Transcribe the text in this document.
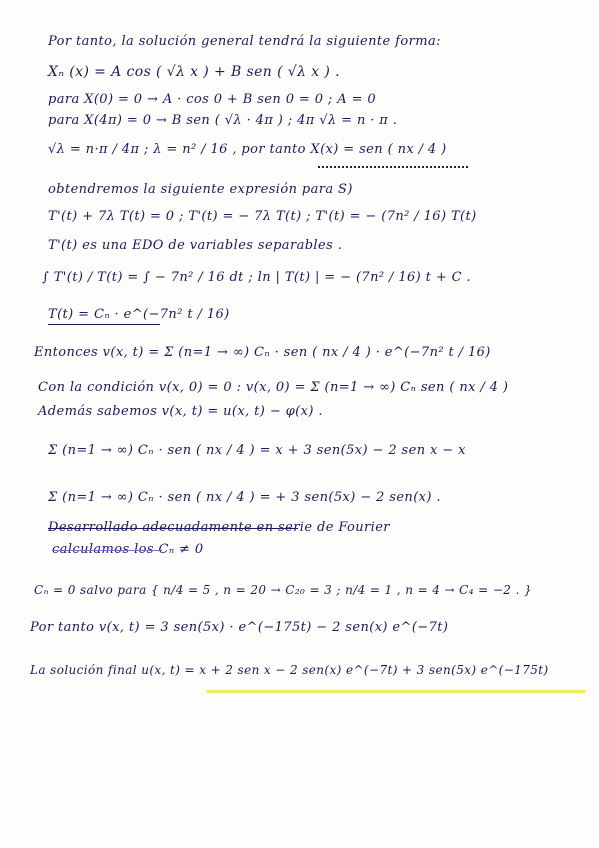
Por tanto, la solución general tendrá la siguiente forma:
Xₙ (x) = A cos ( √λ x ) + B sen ( √λ x ) .
para X(0) = 0 → A · cos 0 + B sen 0 = 0 ; A = 0
para X(4π) = 0 → B sen ( √λ · 4π ) ; 4π √λ = n · π .
√λ = n·π / 4π ; λ = n² / 16 , por tanto X(x) = sen ( nx / 4 )
obtendremos la siguiente expresión para S)
T'(t) + 7λ T(t) = 0 ; T'(t) = − 7λ T(t) ; T'(t) = − (7n² / 16) T(t)
T'(t) es una EDO de variables separables .
∫ T'(t) / T(t) = ∫ − 7n² / 16 dt ; ln | T(t) | = − (7n² / 16) t + C .
T(t) = Cₙ · e^(−7n² t / 16)
Entonces v(x, t) = Σ (n=1 → ∞) Cₙ · sen ( nx / 4 ) · e^(−7n² t / 16)
Con la condición v(x, 0) = 0 : v(x, 0) = Σ (n=1 → ∞) Cₙ sen ( nx / 4 )
Además sabemos v(x, t) = u(x, t) − φ(x) .
Σ (n=1 → ∞) Cₙ · sen ( nx / 4 ) = x + 3 sen(5x) − 2 sen x − x
Σ (n=1 → ∞) Cₙ · sen ( nx / 4 ) = + 3 sen(5x) − 2 sen(x) .
Desarrollado adecuadamente en serie de Fourier
calculamos los Cₙ ≠ 0
Cₙ = 0 salvo para { n/4 = 5 , n = 20 → C₂₀ = 3 ; n/4 = 1 , n = 4 → C₄ = −2 . }
Por tanto v(x, t) = 3 sen(5x) · e^(−175t) − 2 sen(x) e^(−7t)
La solución final u(x, t) = x + 2 sen x − 2 sen(x) e^(−7t) + 3 sen(5x) e^(−175t)
